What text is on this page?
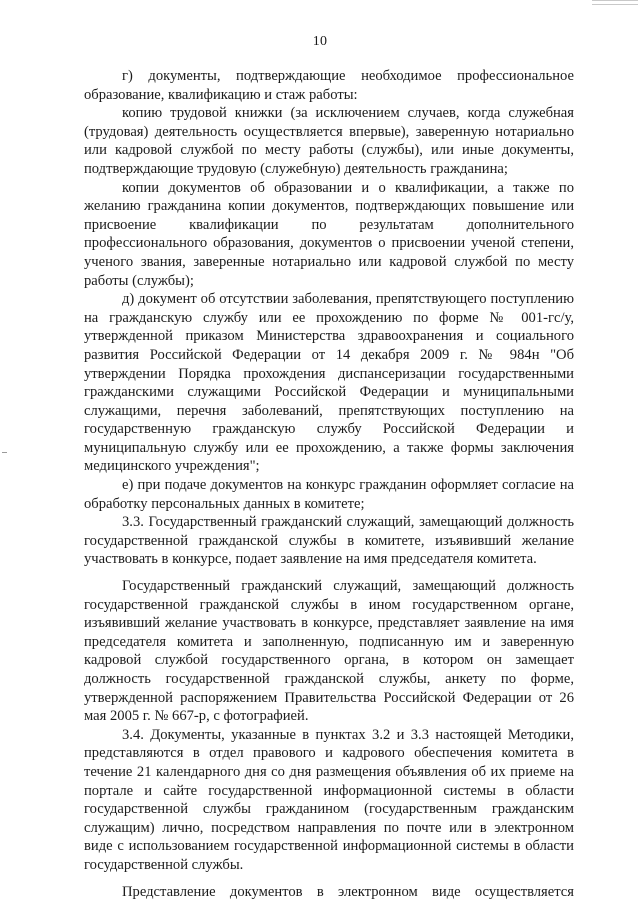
10

г) документы, подтверждающие необходимое профессиональное образование, квалификацию и стаж работы:

копию трудовой книжки (за исключением случаев, когда служебная (трудовая) деятельность осуществляется впервые), заверенную нотариально или кадровой службой по месту работы (службы), или иные документы, подтверждающие трудовую (служебную) деятельность гражданина;

копии документов об образовании и о квалификации, а также по желанию гражданина копии документов, подтверждающих повышение или присвоение квалификации по результатам дополнительного профессионального образования, документов о присвоении ученой степени, ученого звания, заверенные нотариально или кадровой службой по месту работы (службы);

д) документ об отсутствии заболевания, препятствующего поступлению на гражданскую службу или ее прохождению по форме № 001-гс/у, утвержденной приказом Министерства здравоохранения и социального развития Российской Федерации от 14 декабря 2009 г. № 984н "Об утверждении Порядка прохождения диспансеризации государственными гражданскими служащими Российской Федерации и муниципальными служащими, перечня заболеваний, препятствующих поступлению на государственную гражданскую службу Российской Федерации и муниципальную службу или ее прохождению, а также формы заключения медицинского учреждения";

е) при подаче документов на конкурс гражданин оформляет согласие на обработку персональных данных в комитете;

3.3. Государственный гражданский служащий, замещающий должность государственной гражданской службы в комитете, изъявивший желание участвовать в конкурсе, подает заявление на имя председателя комитета.

Государственный гражданский служащий, замещающий должность государственной гражданской службы в ином государственном органе, изъявивший желание участвовать в конкурсе, представляет заявление на имя председателя комитета и заполненную, подписанную им и заверенную кадровой службой государственного органа, в котором он замещает должность государственной гражданской службы, анкету по форме, утвержденной распоряжением Правительства Российской Федерации от 26 мая 2005 г. № 667-р, с фотографией.

3.4. Документы, указанные в пунктах 3.2 и 3.3 настоящей Методики, представляются в отдел правового и кадрового обеспечения комитета в течение 21 календарного дня со дня размещения объявления об их приеме на портале и сайте государственной информационной системы в области государственной службы гражданином (государственным гражданским служащим) лично, посредством направления по почте или в электронном виде с использованием государственной информационной системы в области государственной службы.

Представление документов в электронном виде осуществляется
